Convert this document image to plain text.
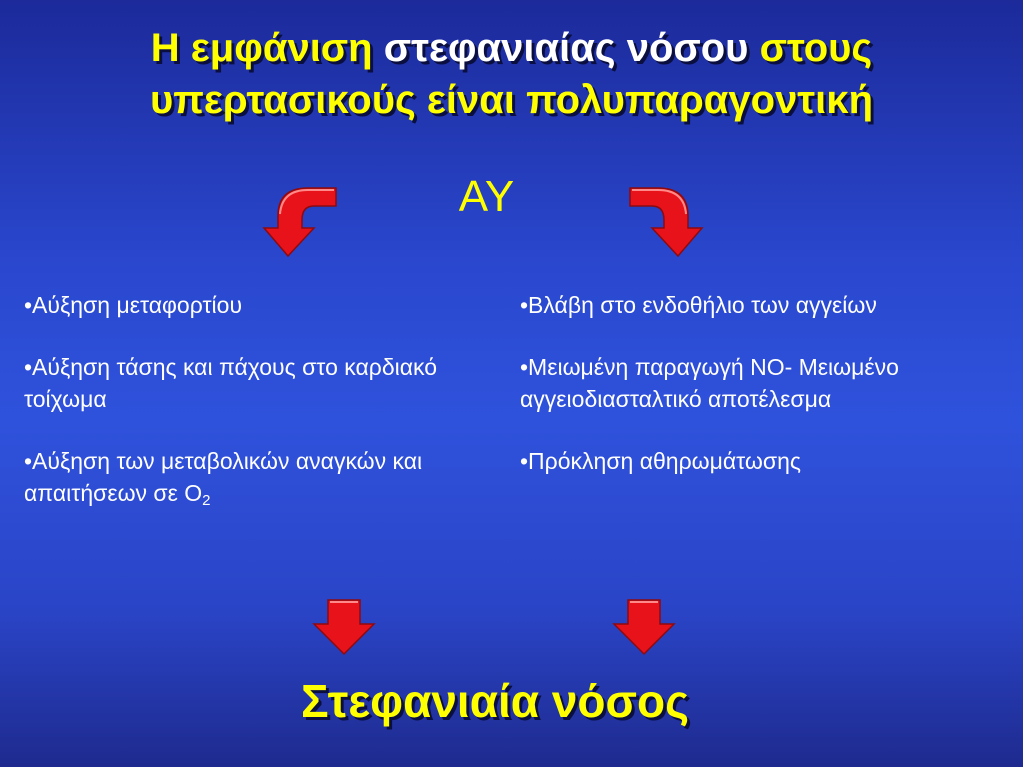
Η εμφάνιση στεφανιαίας νόσου στους
υπερτασικούς είναι πολυπαραγοντική
ΑΥ

•Αύξηση μεταφορτίου

•Αύξηση τάσης και πάχους στο καρδιακό τοίχωμα

•Αύξηση των μεταβολικών αναγκών και απαιτήσεων σε $O_2$

•Βλάβη στο ενδοθήλιο των αγγείων

•Μειωμένη παραγωγή ΝΟ- Μειωμένο αγγειοδιασταλτικό αποτέλεσμα

•Πρόκληση αθηρωμάτωσης

Στεφανιαία νόσος
